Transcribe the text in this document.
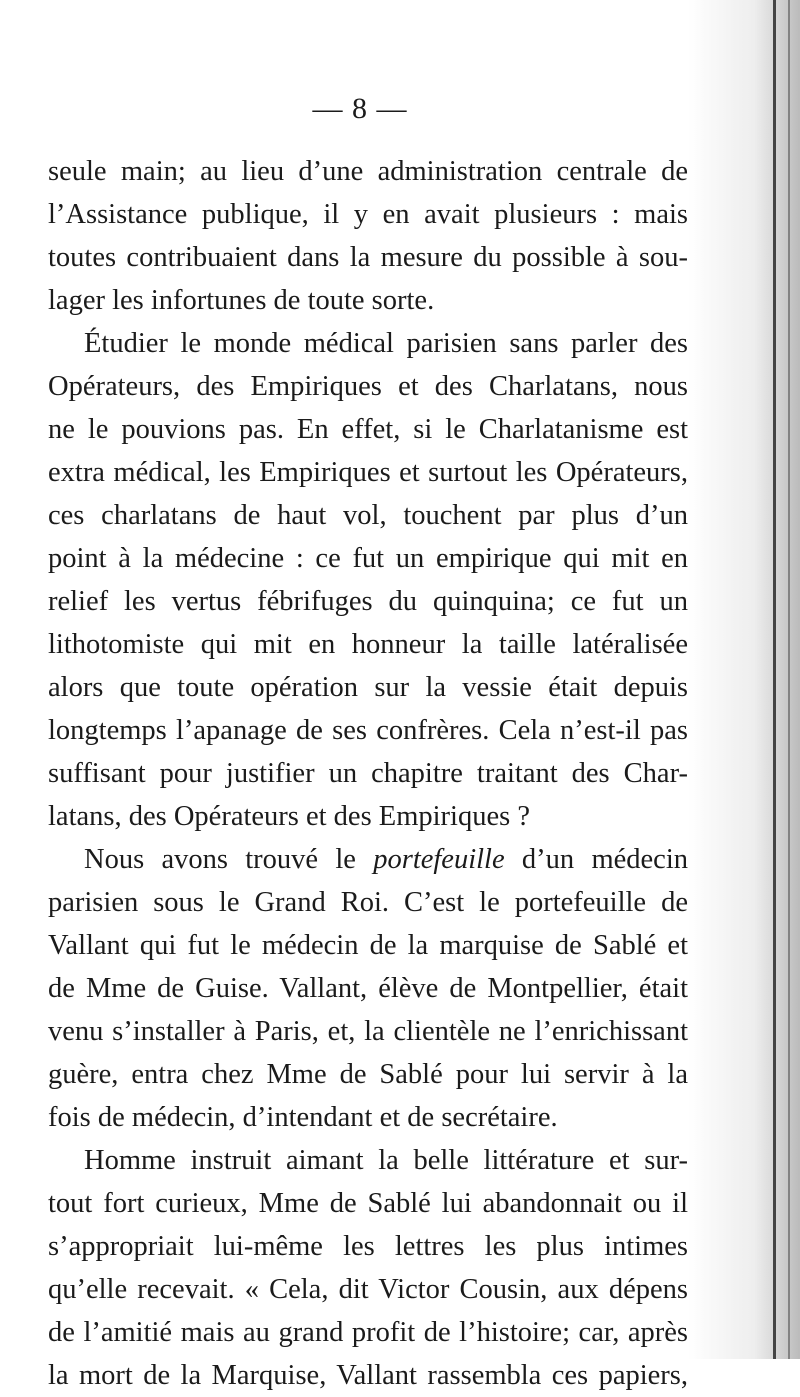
— 8 —
seule main; au lieu d’une administration centrale de
l’Assistance publique, il y en avait plusieurs : mais
toutes contribuaient dans la mesure du possible à sou-
lager les infortunes de toute sorte.
Étudier le monde médical parisien sans parler des
Opérateurs, des Empiriques et des Charlatans, nous
ne le pouvions pas. En effet, si le Charlatanisme est
extra médical, les Empiriques et surtout les Opérateurs,
ces charlatans de haut vol, touchent par plus d’un
point à la médecine : ce fut un empirique qui mit en
relief les vertus fébrifuges du quinquina; ce fut un
lithotomiste qui mit en honneur la taille latéralisée
alors que toute opération sur la vessie était depuis
longtemps l’apanage de ses confrères. Cela n’est-il pas
suffisant pour justifier un chapitre traitant des Char-
latans, des Opérateurs et des Empiriques ?
Nous avons trouvé le portefeuille d’un médecin
parisien sous le Grand Roi. C’est le portefeuille de
Vallant qui fut le médecin de la marquise de Sablé et
de Mme de Guise. Vallant, élève de Montpellier, était
venu s’installer à Paris, et, la clientèle ne l’enrichissant
guère, entra chez Mme de Sablé pour lui servir à la
fois de médecin, d’intendant et de secrétaire.
Homme instruit aimant la belle littérature et sur-
tout fort curieux, Mme de Sablé lui abandonnait ou il
s’appropriait lui-même les lettres les plus intimes
qu’elle recevait. « Cela, dit Victor Cousin, aux dépens
de l’amitié mais au grand profit de l’histoire; car, après
la mort de la Marquise, Vallant rassembla ces papiers,
